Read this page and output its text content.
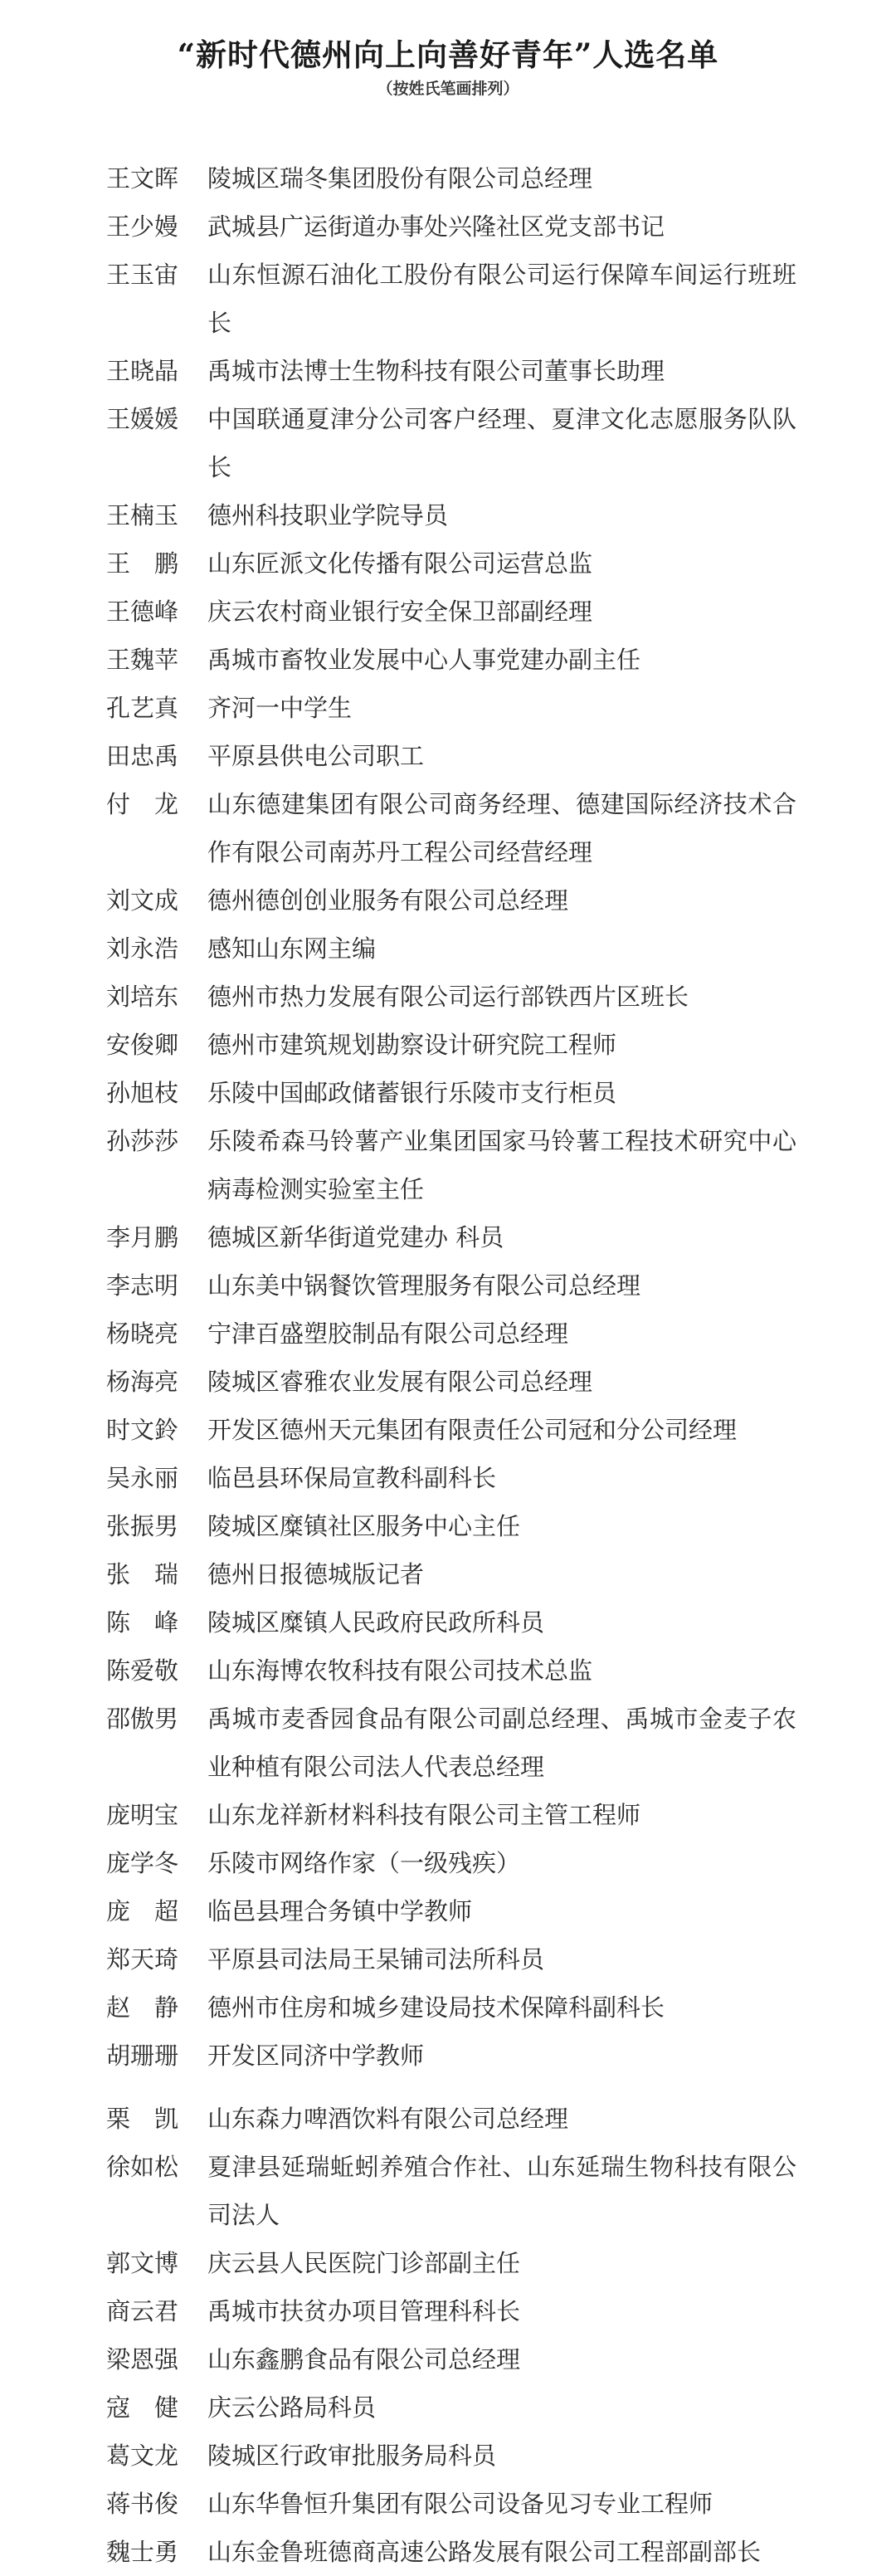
“新时代德州向上向善好青年”人选名单
（按姓氏笔画排列）
王文晖	陵城区瑞冬集团股份有限公司总经理
王少嫚	武城县广运街道办事处兴隆社区党支部书记
王玉宙	山东恒源石油化工股份有限公司运行保障车间运行班班长
王晓晶	禹城市法博士生物科技有限公司董事长助理
王媛媛	中国联通夏津分公司客户经理、夏津文化志愿服务队队长
王楠玉	德州科技职业学院导员
王　鹏	山东匠派文化传播有限公司运营总监
王德峰	庆云农村商业银行安全保卫部副经理
王魏苹	禹城市畜牧业发展中心人事党建办副主任
孔艺真	齐河一中学生
田忠禹	平原县供电公司职工
付　龙	山东德建集团有限公司商务经理、德建国际经济技术合作有限公司南苏丹工程公司经营经理
刘文成	德州德创创业服务有限公司总经理
刘永浩	感知山东网主编
刘培东	德州市热力发展有限公司运行部铁西片区班长
安俊卿	德州市建筑规划勘察设计研究院工程师
孙旭枝	乐陵中国邮政储蓄银行乐陵市支行柜员
孙莎莎	乐陵希森马铃薯产业集团国家马铃薯工程技术研究中心病毒检测实验室主任
李月鹏	德城区新华街道党建办 科员
李志明	山东美中锅餐饮管理服务有限公司总经理
杨晓亮	宁津百盛塑胶制品有限公司总经理
杨海亮	陵城区睿雅农业发展有限公司总经理
时文鈴	开发区德州天元集团有限责任公司冠和分公司经理
吴永丽	临邑县环保局宣教科副科长
张振男	陵城区糜镇社区服务中心主任
张　瑞	德州日报德城版记者
陈　峰	陵城区糜镇人民政府民政所科员
陈爱敬	山东海博农牧科技有限公司技术总监
邵傲男	禹城市麦香园食品有限公司副总经理、禹城市金麦子农业种植有限公司法人代表总经理
庞明宝	山东龙祥新材料科技有限公司主管工程师
庞学冬	乐陵市网络作家（一级残疾）
庞　超	临邑县理合务镇中学教师
郑天琦	平原县司法局王杲铺司法所科员
赵　静	德州市住房和城乡建设局技术保障科副科长
胡珊珊	开发区同济中学教师
栗　凯	山东森力啤酒饮料有限公司总经理
徐如松	夏津县延瑞蚯蚓养殖合作社、山东延瑞生物科技有限公司法人
郭文博	庆云县人民医院门诊部副主任
商云君	禹城市扶贫办项目管理科科长
梁恩强	山东鑫鹏食品有限公司总经理
寇　健	庆云公路局科员
葛文龙	陵城区行政审批服务局科员
蒋书俊	山东华鲁恒升集团有限公司设备见习专业工程师
魏士勇	山东金鲁班德商高速公路发展有限公司工程部副部长
